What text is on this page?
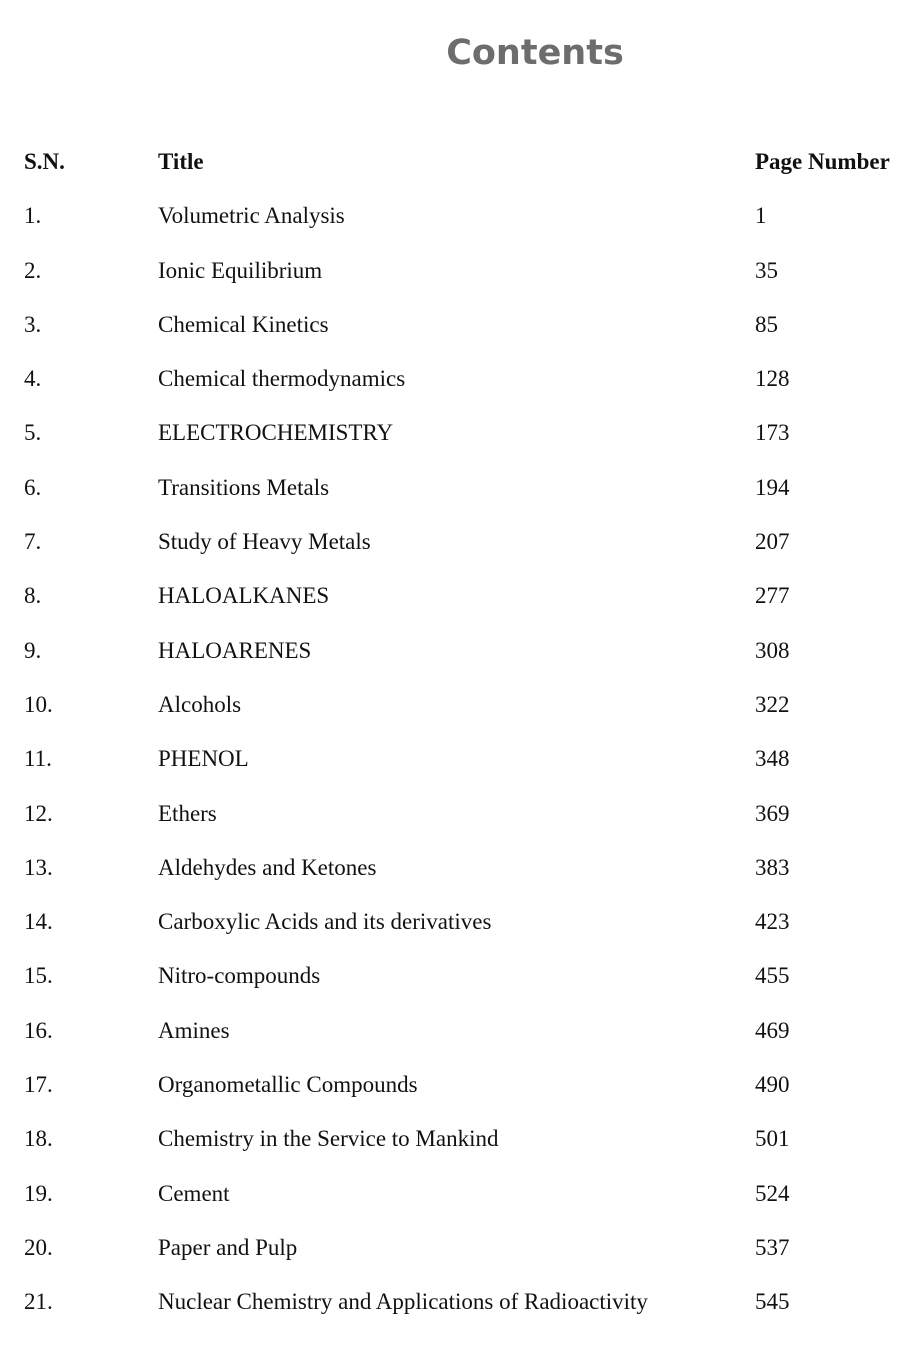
Contents
S.N.	Title	Page Number
1.	Volumetric Analysis	1
2.	Ionic Equilibrium	35
3.	Chemical Kinetics	85
4.	Chemical thermodynamics	128
5.	ELECTROCHEMISTRY	173
6.	Transitions Metals	194
7.	Study of Heavy Metals	207
8.	HALOALKANES	277
9.	HALOARENES	308
10.	Alcohols	322
11.	PHENOL	348
12.	Ethers	369
13.	Aldehydes and Ketones	383
14.	Carboxylic Acids and its derivatives	423
15.	Nitro-compounds	455
16.	Amines	469
17.	Organometallic Compounds	490
18.	Chemistry in the Service to Mankind	501
19.	Cement	524
20.	Paper and Pulp	537
21.	Nuclear Chemistry and Applications of Radioactivity	545
